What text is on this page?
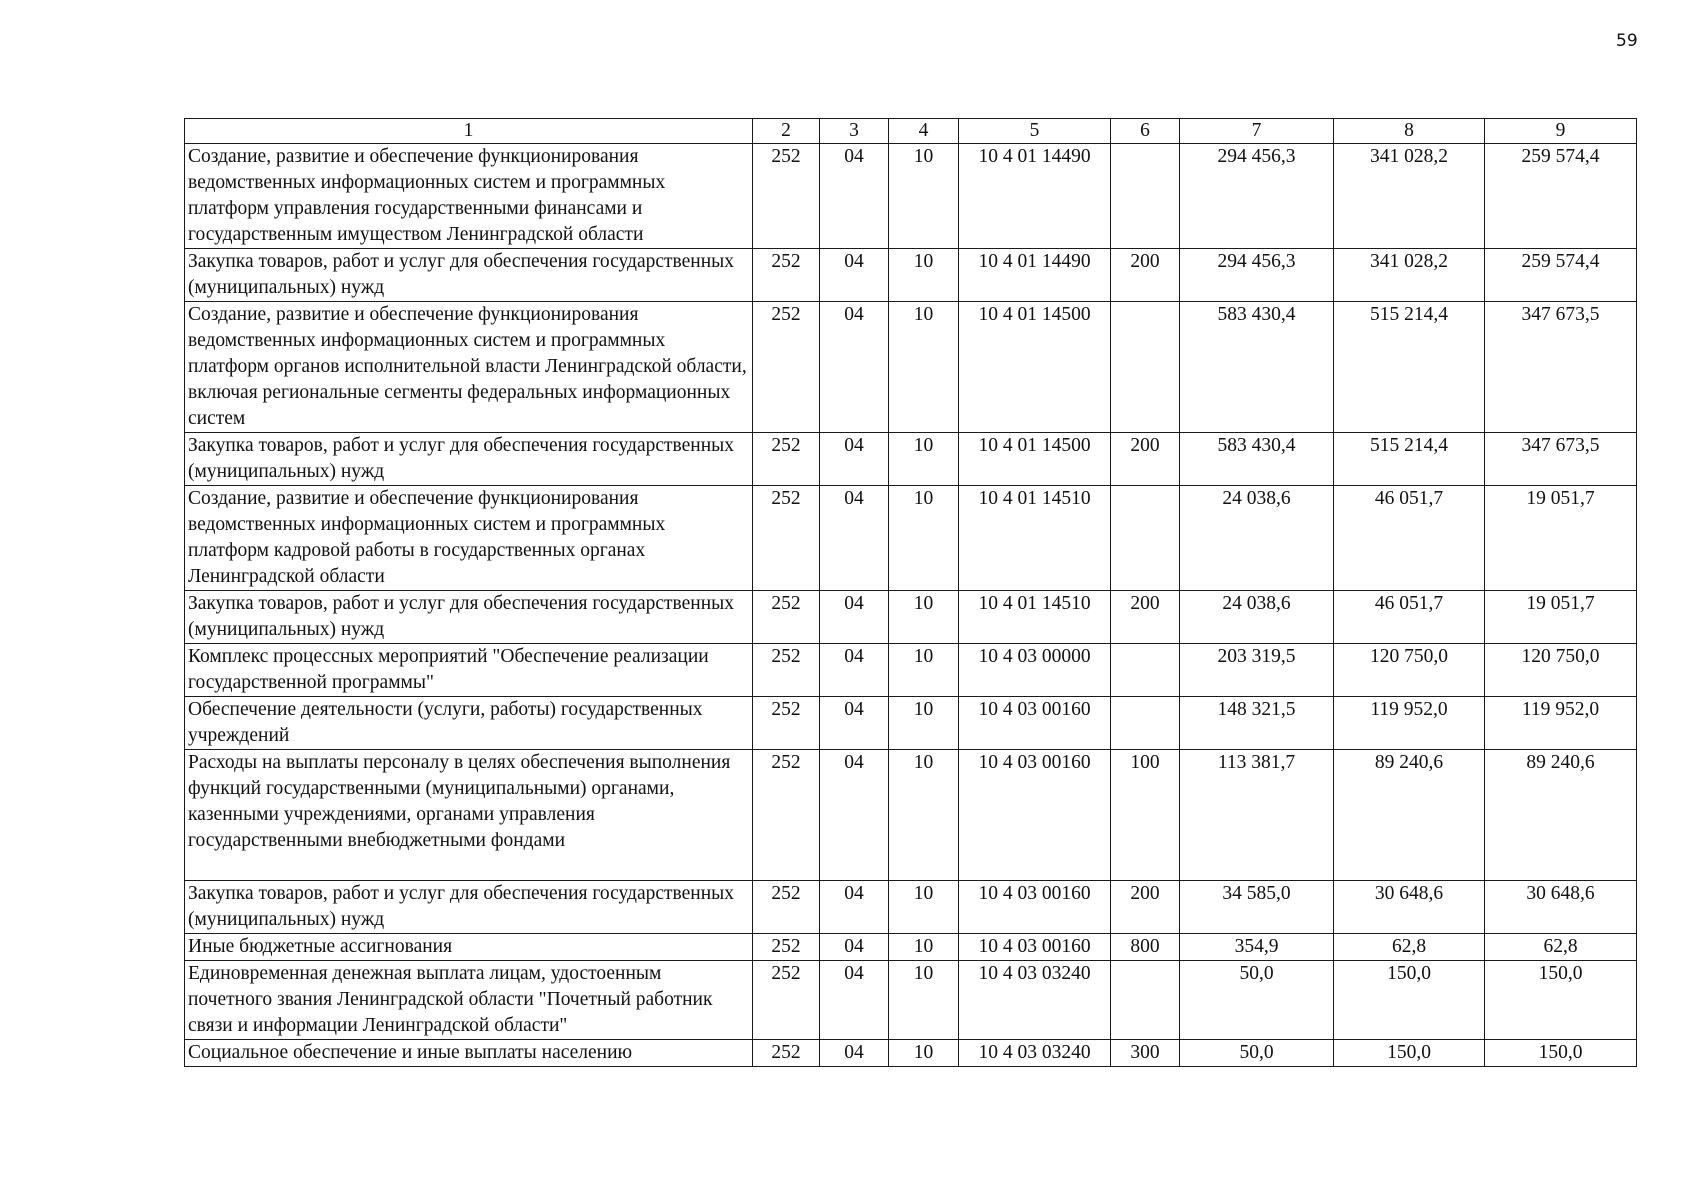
59
1	2	3	4	5	6	7	8	9
Создание, развитие и обеспечение функционирования ведомственных информационных систем и программных платформ управления государственными финансами и государственным имуществом Ленинградской области	252	04	10	10 4 01 14490		294 456,3	341 028,2	259 574,4
Закупка товаров, работ и услуг для обеспечения государственных (муниципальных) нужд	252	04	10	10 4 01 14490	200	294 456,3	341 028,2	259 574,4
Создание, развитие и обеспечение функционирования ведомственных информационных систем и программных платформ органов исполнительной власти Ленинградской области, включая региональные сегменты федеральных информационных систем	252	04	10	10 4 01 14500		583 430,4	515 214,4	347 673,5
Закупка товаров, работ и услуг для обеспечения государственных (муниципальных) нужд	252	04	10	10 4 01 14500	200	583 430,4	515 214,4	347 673,5
Создание, развитие и обеспечение функционирования ведомственных информационных систем и программных платформ кадровой работы в государственных органах Ленинградской области	252	04	10	10 4 01 14510		24 038,6	46 051,7	19 051,7
Закупка товаров, работ и услуг для обеспечения государственных (муниципальных) нужд	252	04	10	10 4 01 14510	200	24 038,6	46 051,7	19 051,7
Комплекс процессных мероприятий "Обеспечение реализации государственной программы"	252	04	10	10 4 03 00000		203 319,5	120 750,0	120 750,0
Обеспечение деятельности (услуги, работы) государственных учреждений	252	04	10	10 4 03 00160		148 321,5	119 952,0	119 952,0
Расходы на выплаты персоналу в целях обеспечения выполнения функций государственными (муниципальными) органами, казенными учреждениями, органами управления государственными внебюджетными фондами	252	04	10	10 4 03 00160	100	113 381,7	89 240,6	89 240,6
Закупка товаров, работ и услуг для обеспечения государственных (муниципальных) нужд	252	04	10	10 4 03 00160	200	34 585,0	30 648,6	30 648,6
Иные бюджетные ассигнования	252	04	10	10 4 03 00160	800	354,9	62,8	62,8
Единовременная денежная выплата лицам, удостоенным почетного звания Ленинградской области "Почетный работник связи и информации Ленинградской области"	252	04	10	10 4 03 03240		50,0	150,0	150,0
Социальное обеспечение и иные выплаты населению	252	04	10	10 4 03 03240	300	50,0	150,0	150,0
